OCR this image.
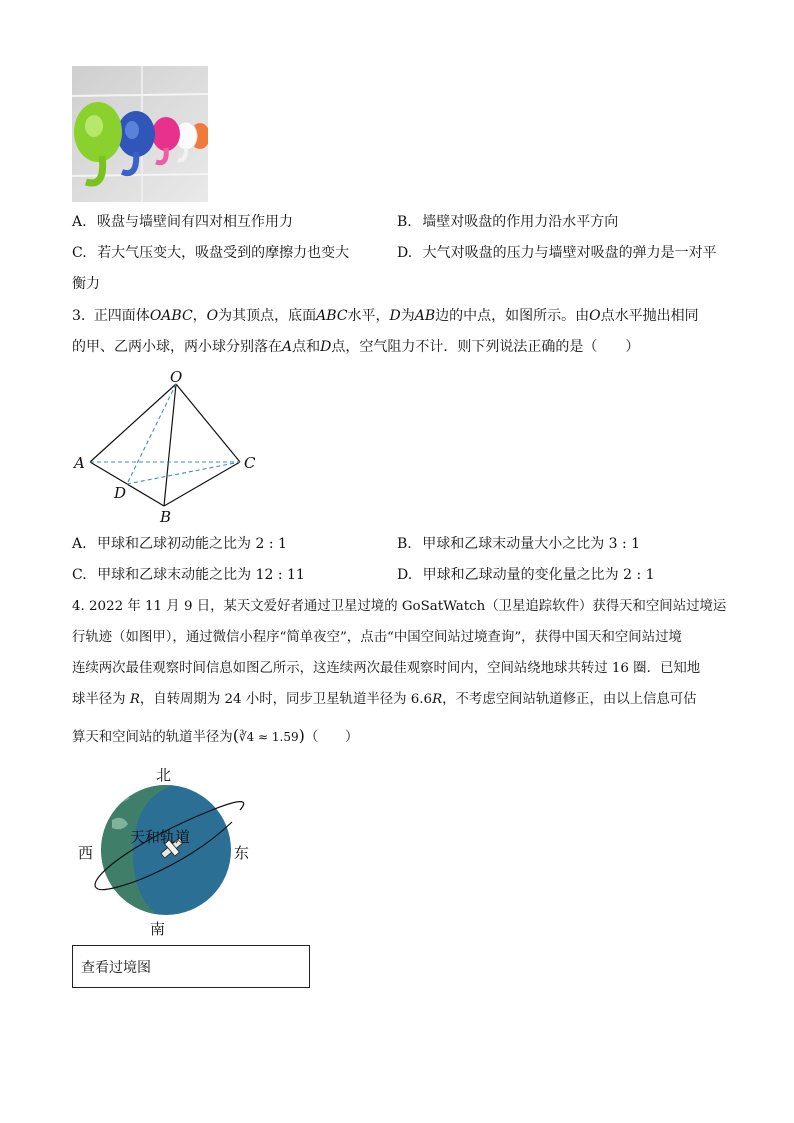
A. 吸盘与墙壁间有四对相互作用力	B. 墙壁对吸盘的作用力沿水平方向
C. 若大气压变大，吸盘受到的摩擦力也变大	D. 大气对吸盘的压力与墙壁对吸盘的弹力是一对平
衡力
3. 正四面体OABC，O为其顶点，底面ABC水平，D为AB边的中点，如图所示。由O点水平抛出相同
的甲、乙两小球，两小球分别落在A点和D点，空气阻力不计．则下列说法正确的是（　　）
O
A	C
D
B
A. 甲球和乙球初动能之比为 2 : 1	B. 甲球和乙球末动量大小之比为 3 : 1
C. 甲球和乙球末动能之比为 12 : 11	D. 甲球和乙球动量的变化量之比为 2 : 1
4. 2022 年 11 月 9 日，某天文爱好者通过卫星过境的 GoSatWatch（卫星追踪软件）获得天和空间站过境运
行轨迹（如图甲），通过微信小程序“简单夜空”，点击“中国空间站过境查询”，获得中国天和空间站过境
连续两次最佳观察时间信息如图乙所示，这连续两次最佳观察时间内，空间站绕地球共转过 16 圈．已知地
球半径为 R，自转周期为 24 小时，同步卫星轨道半径为 6.6R，不考虑空间站轨道修正，由以上信息可估
算天和空间站的轨道半径为(∛4 ≈ 1.59)（　　）
天和轨道
北
南
西	东
查看过境图
